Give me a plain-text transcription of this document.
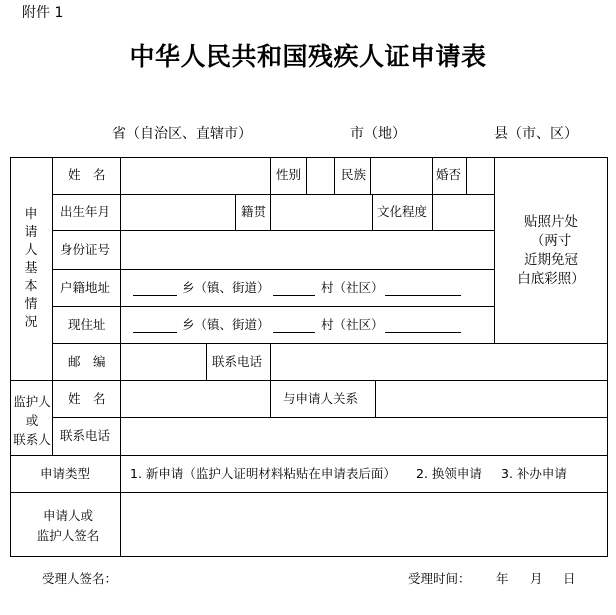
附件 1
中华人民共和国残疾人证申请表
省（自治区、直辖市）	市（地）	县（市、区）
申
请
人
基
本
情
况
姓　名	性别	民族	婚否
出生年月	籍贯	文化程度
身份证号
户籍地址	乡（镇、街道）	村（社区）
现住址	乡（镇、街道）	村（社区）
贴照片处
（两寸
近期免冠
白底彩照）
邮　编	联系电话
监护人
或
联系人
姓　名	与申请人关系
联系电话
申请类型	1. 新申请（监护人证明材料粘贴在申请表后面） 2. 换领申请 3. 补办申请
申请人或
监护人签名
受理人签名：	受理时间： 年 月 日
